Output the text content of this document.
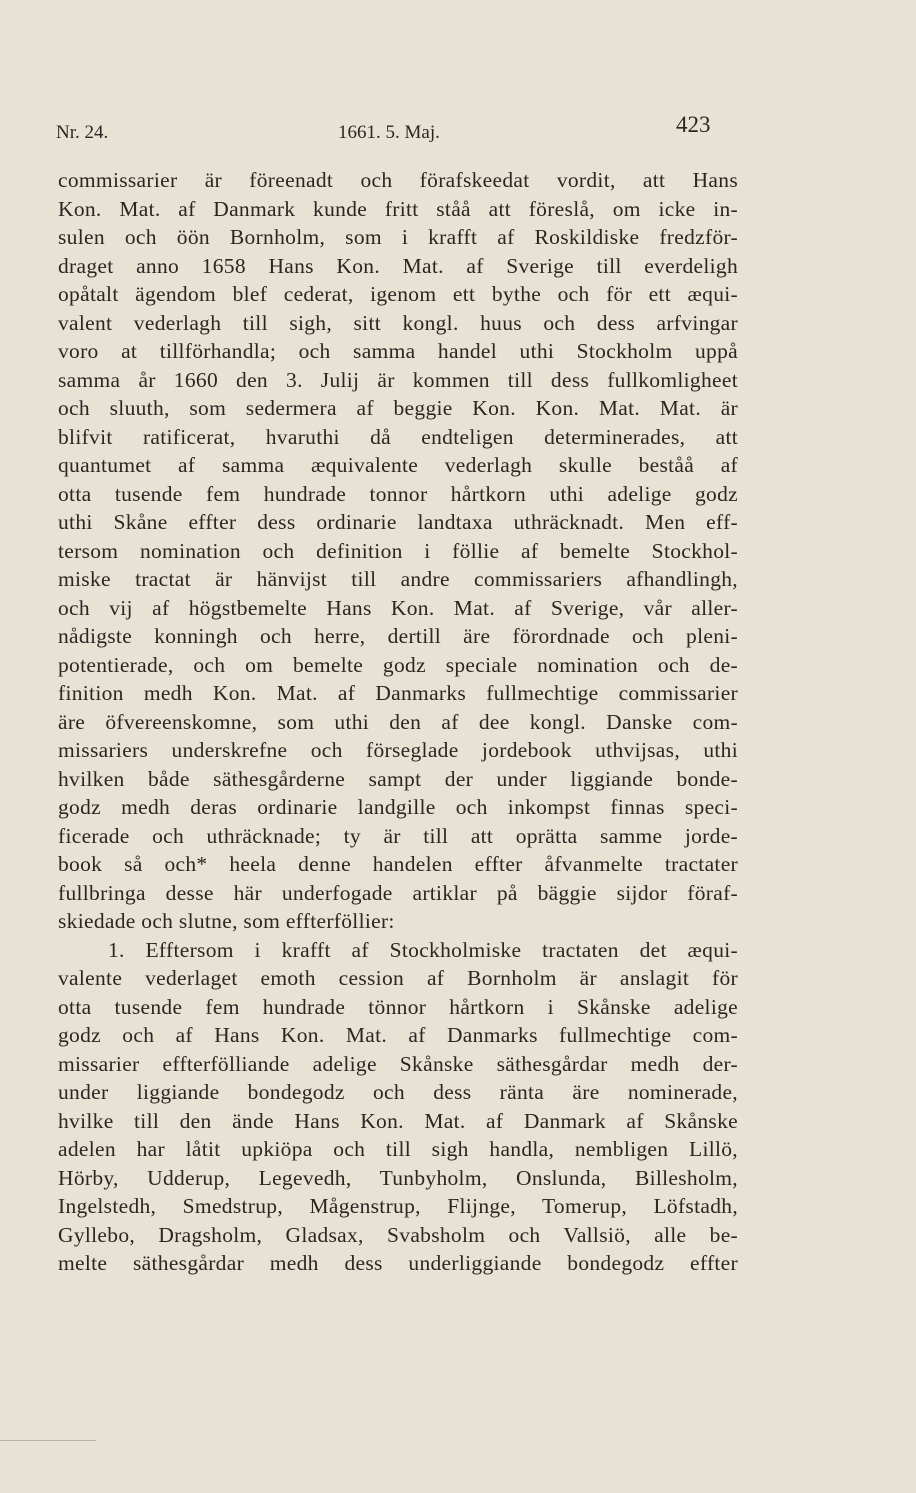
Nr. 24.	1661. 5. Maj.	423
commissarier är föreenadt och förafskeedat vordit, att Hans
Kon. Mat. af Danmark kunde fritt ståå att föreslå, om icke in-
sulen och öön Bornholm, som i krafft af Roskildiske fredzför-
draget anno 1658 Hans Kon. Mat. af Sverige till everdeligh
opåtalt ägendom blef cederat, igenom ett bythe och för ett æqui-
valent vederlagh till sigh, sitt kongl. huus och dess arfvingar
voro at tillförhandla; och samma handel uthi Stockholm uppå
samma år 1660 den 3. Julij är kommen till dess fullkomligheet
och sluuth, som sedermera af beggie Kon. Kon. Mat. Mat. är
blifvit ratificerat, hvaruthi då endteligen determinerades, att
quantumet af samma æquivalente vederlagh skulle beståå af
otta tusende fem hundrade tonnor hårtkorn uthi adelige godz
uthi Skåne effter dess ordinarie landtaxa uthräcknadt. Men eff-
tersom nomination och definition i föllie af bemelte Stockhol-
miske tractat är hänvijst till andre commissariers afhandlingh,
och vij af högstbemelte Hans Kon. Mat. af Sverige, vår aller-
nådigste konningh och herre, dertill äre förordnade och pleni-
potentierade, och om bemelte godz speciale nomination och de-
finition medh Kon. Mat. af Danmarks fullmechtige commissarier
äre öfvereenskomne, som uthi den af dee kongl. Danske com-
missariers underskrefne och förseglade jordebook uthvijsas, uthi
hvilken både säthesgårderne sampt der under liggiande bonde-
godz medh deras ordinarie landgille och inkompst finnas speci-
ficerade och uthräcknade; ty är till att oprätta samme jorde-
book så och* heela denne handelen effter åfvanmelte tractater
fullbringa desse här underfogade artiklar på bäggie sijdor föraf-
skiedade och slutne, som effterföllier:
1. Efftersom i krafft af Stockholmiske tractaten det æqui-
valente vederlaget emoth cession af Bornholm är anslagit för
otta tusende fem hundrade tönnor hårtkorn i Skånske adelige
godz och af Hans Kon. Mat. af Danmarks fullmechtige com-
missarier effterfölliande adelige Skånske säthesgårdar medh der-
under liggiande bondegodz och dess ränta äre nominerade,
hvilke till den ände Hans Kon. Mat. af Danmark af Skånske
adelen har låtit upkiöpa och till sigh handla, nembligen Lillö,
Hörby, Udderup, Legevedh, Tunbyholm, Onslunda, Billesholm,
Ingelstedh, Smedstrup, Mågenstrup, Flijnge, Tomerup, Löfstadh,
Gyllebo, Dragsholm, Gladsax, Svabsholm och Vallsiö, alle be-
melte säthesgårdar medh dess underliggiande bondegodz effter
